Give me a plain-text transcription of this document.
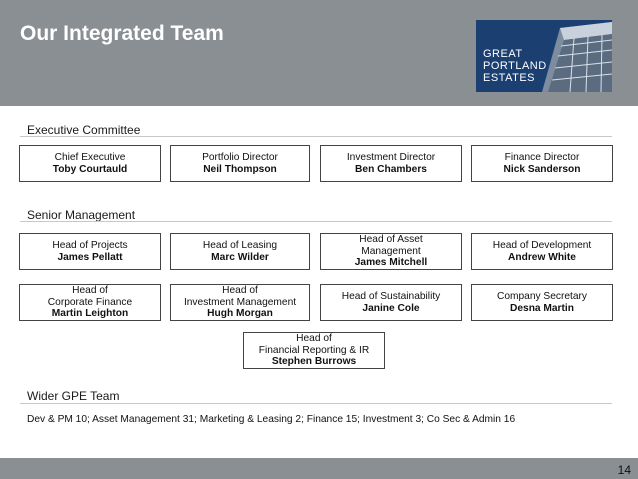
Our Integrated Team
GREAT
PORTLAND
ESTATES
Executive Committee
Chief Executive
Toby Courtauld
Portfolio Director
Neil Thompson
Investment Director
Ben Chambers
Finance Director
Nick Sanderson
Senior Management
Head of Projects
James Pellatt
Head of Leasing
Marc Wilder
Head of Asset
Management
James Mitchell
Head of Development
Andrew White
Head of
Corporate Finance
Martin Leighton
Head of
Investment Management
Hugh Morgan
Head of Sustainability
Janine Cole
Company Secretary
Desna Martin
Head of
Financial Reporting & IR
Stephen Burrows
Wider GPE Team
Dev & PM 10; Asset Management 31; Marketing & Leasing 2; Finance 15; Investment 3; Co Sec & Admin 16
14
